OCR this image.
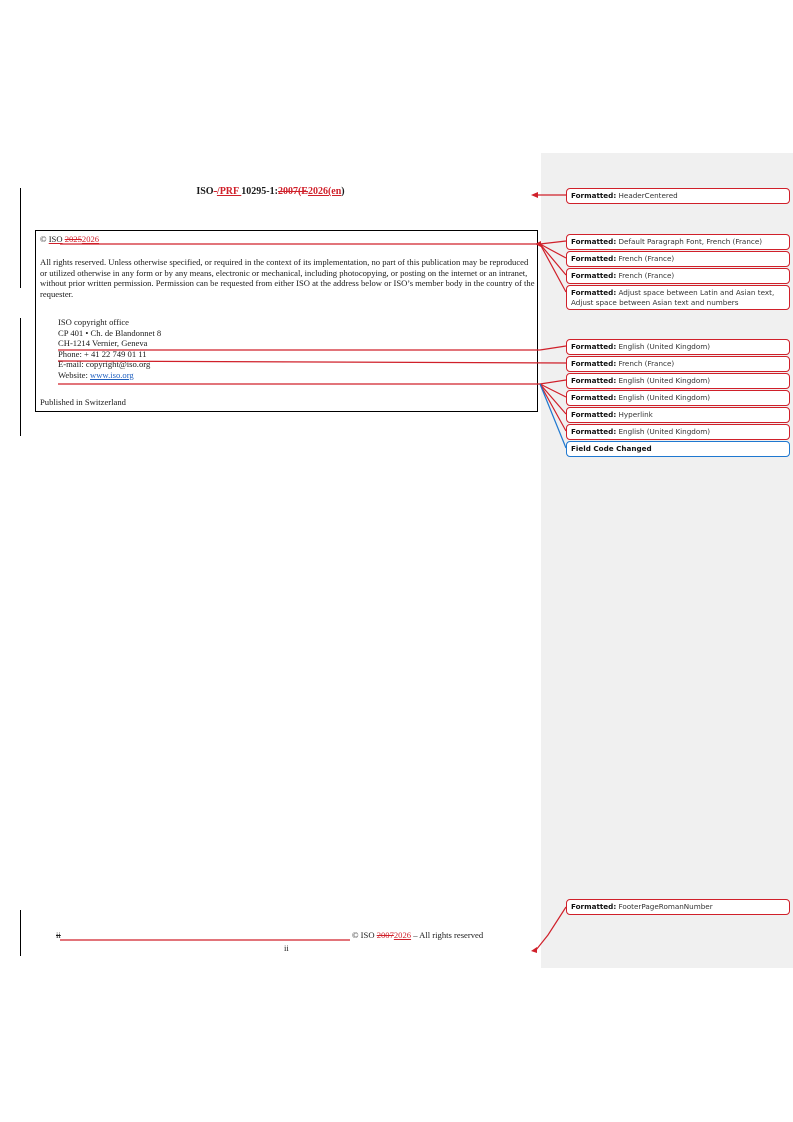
ISO-/PRF 10295-1:2007(E2026(en)
© ISO 20252026
All rights reserved. Unless otherwise specified, or required in the context of its implementation, no part of this publication may be reproduced or utilized otherwise in any form or by any means, electronic or mechanical, including photocopying, or posting on the internet or an intranet, without prior written permission. Permission can be requested from either ISO at the address below or ISO’s member body in the country of the requester.
ISO copyright office
CP 401 • Ch. de Blandonnet 8
CH-1214 Vernier, Geneva
Phone: + 41 22 749 01 11
E-mail: copyright@iso.org
Website: www.iso.org
Published in Switzerland
ii	© ISO 20072026 – All rights reserved
ii
Formatted: HeaderCentered
Formatted: Default Paragraph Font, French (France)
Formatted: French (France)
Formatted: French (France)
Formatted: Adjust space between Latin and Asian text, Adjust space between Asian text and numbers
Formatted: English (United Kingdom)
Formatted: French (France)
Formatted: English (United Kingdom)
Formatted: English (United Kingdom)
Formatted: Hyperlink
Formatted: English (United Kingdom)
Field Code Changed
Formatted: FooterPageRomanNumber
